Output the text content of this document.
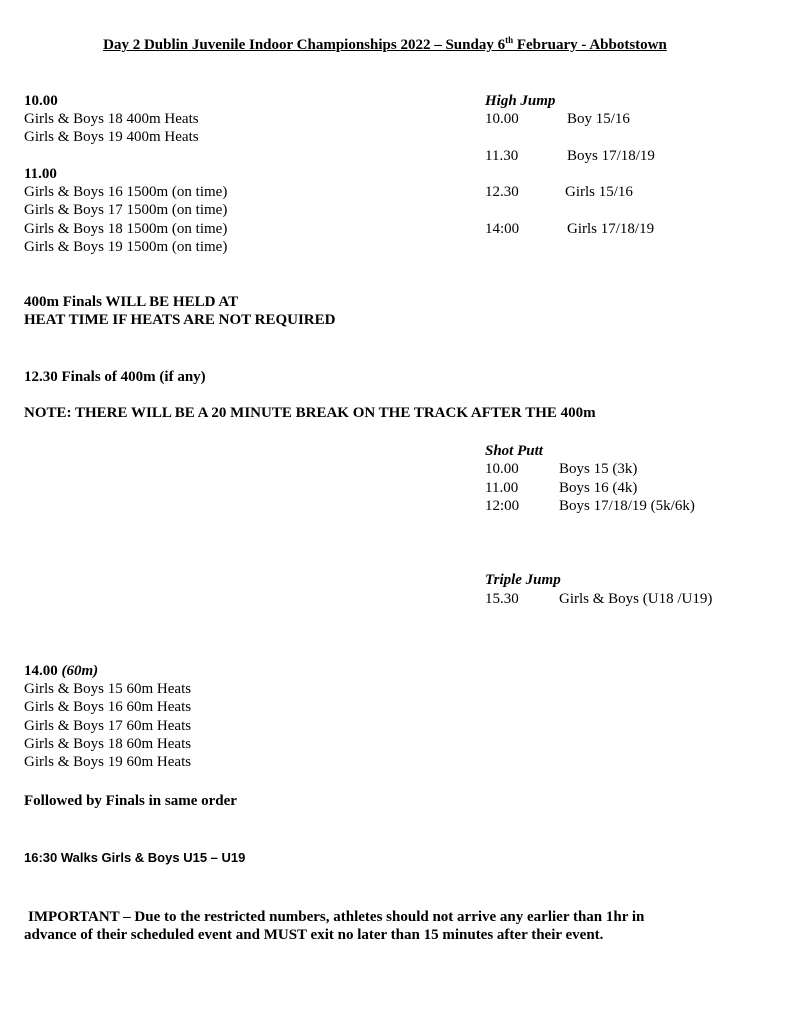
Day 2 Dublin Juvenile Indoor Championships 2022 – Sunday 6th February - Abbotstown
10.00
Girls & Boys 18 400m Heats
Girls & Boys 19 400m Heats
11.00
Girls & Boys 16 1500m (on time)
Girls & Boys 17 1500m (on time)
Girls & Boys 18 1500m (on time)
Girls & Boys 19 1500m (on time)
400m Finals WILL BE HELD AT
HEAT TIME IF HEATS ARE NOT REQUIRED
12.30 Finals of 400m (if any)
NOTE: THERE WILL BE A 20 MINUTE BREAK ON THE TRACK AFTER THE 400m
High Jump
10.00	Boy 15/16
11.30	Boys 17/18/19
12.30	Girls 15/16
14:00	Girls 17/18/19
Shot Putt
10.00	Boys 15 (3k)
11.00	Boys 16 (4k)
12:00	Boys 17/18/19 (5k/6k)
Triple Jump
15.30	Girls & Boys (U18 /U19)
14.00 (60m)
Girls & Boys 15 60m Heats
Girls & Boys 16 60m Heats
Girls & Boys 17 60m Heats
Girls & Boys 18 60m Heats
Girls & Boys 19 60m Heats
Followed by Finals in same order
16:30 Walks Girls & Boys U15 – U19
IMPORTANT – Due to the restricted numbers, athletes should not arrive any earlier than 1hr in
advance of their scheduled event and MUST exit no later than 15 minutes after their event.
